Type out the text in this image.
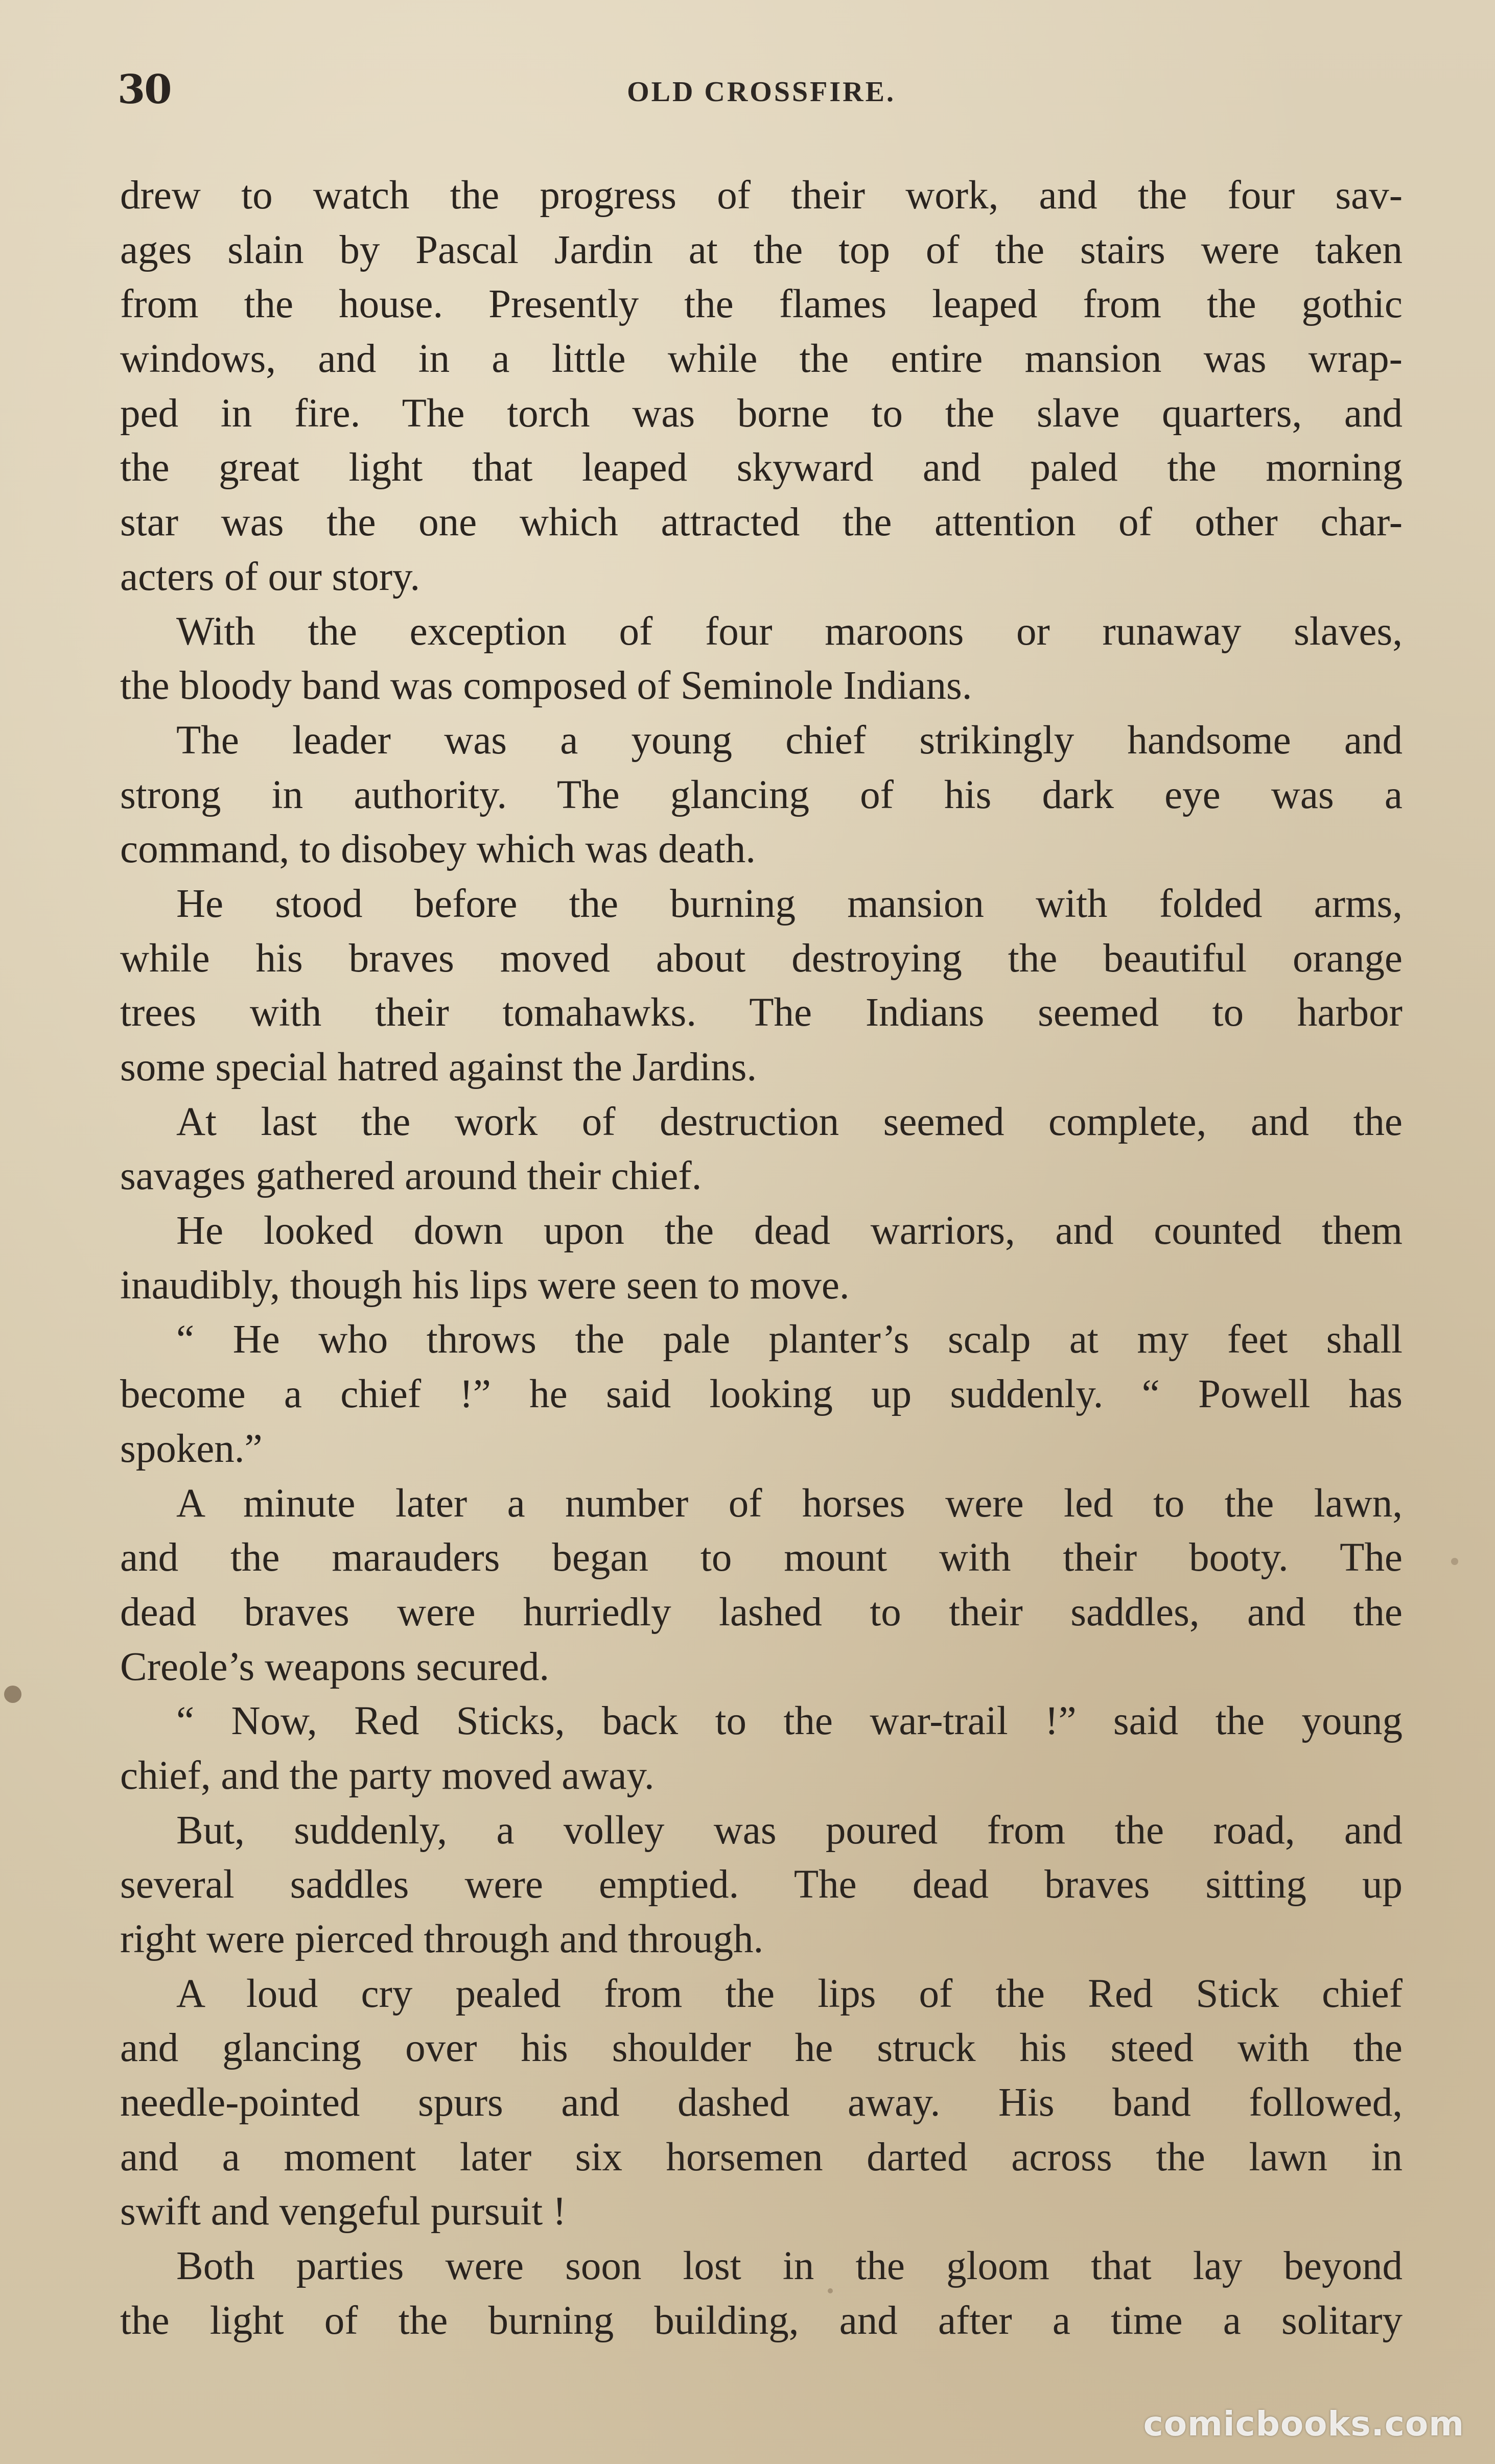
30	OLD CROSSFIRE.
drew to watch the progress of their work, and the four sav-
ages slain by Pascal Jardin at the top of the stairs were taken
from the house. Presently the flames leaped from the gothic
windows, and in a little while the entire mansion was wrap-
ped in fire. The torch was borne to the slave quarters, and
the great light that leaped skyward and paled the morning
star was the one which attracted the attention of other char-
acters of our story.
With the exception of four maroons or runaway slaves,
the bloody band was composed of Seminole Indians.
The leader was a young chief strikingly handsome and
strong in authority. The glancing of his dark eye was a
command, to disobey which was death.
He stood before the burning mansion with folded arms,
while his braves moved about destroying the beautiful orange
trees with their tomahawks. The Indians seemed to harbor
some special hatred against the Jardins.
At last the work of destruction seemed complete, and the
savages gathered around their chief.
He looked down upon the dead warriors, and counted them
inaudibly, though his lips were seen to move.
“ He who throws the pale planter’s scalp at my feet shall
become a chief !” he said looking up suddenly. “ Powell has
spoken.”
A minute later a number of horses were led to the lawn,
and the marauders began to mount with their booty. The
dead braves were hurriedly lashed to their saddles, and the
Creole’s weapons secured.
“ Now, Red Sticks, back to the war-trail !” said the young
chief, and the party moved away.
But, suddenly, a volley was poured from the road, and
several saddles were emptied. The dead braves sitting up
right were pierced through and through.
A loud cry pealed from the lips of the Red Stick chief
and glancing over his shoulder he struck his steed with the
needle-pointed spurs and dashed away. His band followed,
and a moment later six horsemen darted across the lawn in
swift and vengeful pursuit !
Both parties were soon lost in the gloom that lay beyond
the light of the burning building, and after a time a solitary
comicbooks.com
